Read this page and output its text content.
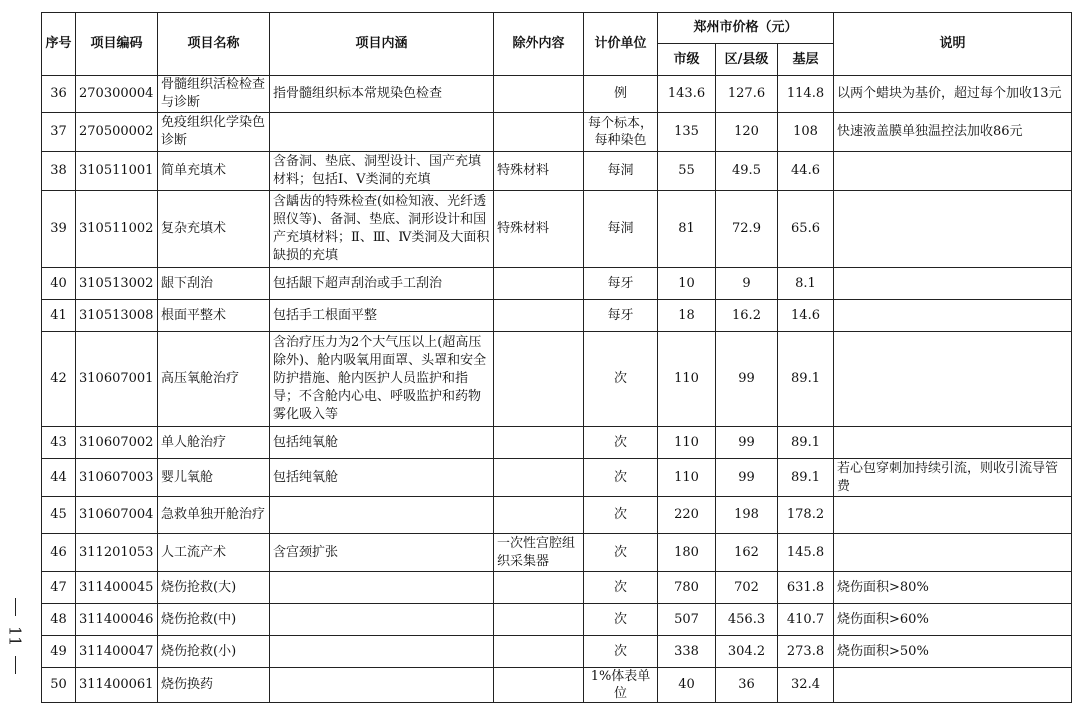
11
序号	项目编码	项目名称	项目内涵	除外内容	计价单位	郑州市价格（元）			说明
						市级	区/县级	基层	
36	270300004	骨髓组织活检检查与诊断	指骨髓组织标本常规染色检查		例	143.6	127.6	114.8	以两个蜡块为基价，超过每个加收13元
37	270500002	免疫组织化学染色诊断			每个标本，每种染色	135	120	108	快速液盖膜单独温控法加收86元
38	310511001	简单充填术	含备洞、垫底、洞型设计、国产充填材料；包括Ⅰ、Ⅴ类洞的充填	特殊材料	每洞	55	49.5	44.6	
39	310511002	复杂充填术	含龋齿的特殊检查(如检知液、光纤透照仪等)、备洞、垫底、洞形设计和国产充填材料；Ⅱ、Ⅲ、Ⅳ类洞及大面积缺损的充填	特殊材料	每洞	81	72.9	65.6	
40	310513002	龈下刮治	包括龈下超声刮治或手工刮治		每牙	10	9	8.1	
41	310513008	根面平整术	包括手工根面平整		每牙	18	16.2	14.6	
42	310607001	高压氧舱治疗	含治疗压力为2个大气压以上(超高压除外)、舱内吸氧用面罩、头罩和安全防护措施、舱内医护人员监护和指导；不含舱内心电、呼吸监护和药物雾化吸入等		次	110	99	89.1	
43	310607002	单人舱治疗	包括纯氧舱		次	110	99	89.1	
44	310607003	婴儿氧舱	包括纯氧舱		次	110	99	89.1	若心包穿刺加持续引流，则收引流导管费
45	310607004	急救单独开舱治疗			次	220	198	178.2	
46	311201053	人工流产术	含宫颈扩张	一次性宫腔组织采集器	次	180	162	145.8	
47	311400045	烧伤抢救(大)			次	780	702	631.8	烧伤面积>80%
48	311400046	烧伤抢救(中)			次	507	456.3	410.7	烧伤面积>60%
49	311400047	烧伤抢救(小)			次	338	304.2	273.8	烧伤面积>50%
50	311400061	烧伤换药			1%体表单位	40	36	32.4	
